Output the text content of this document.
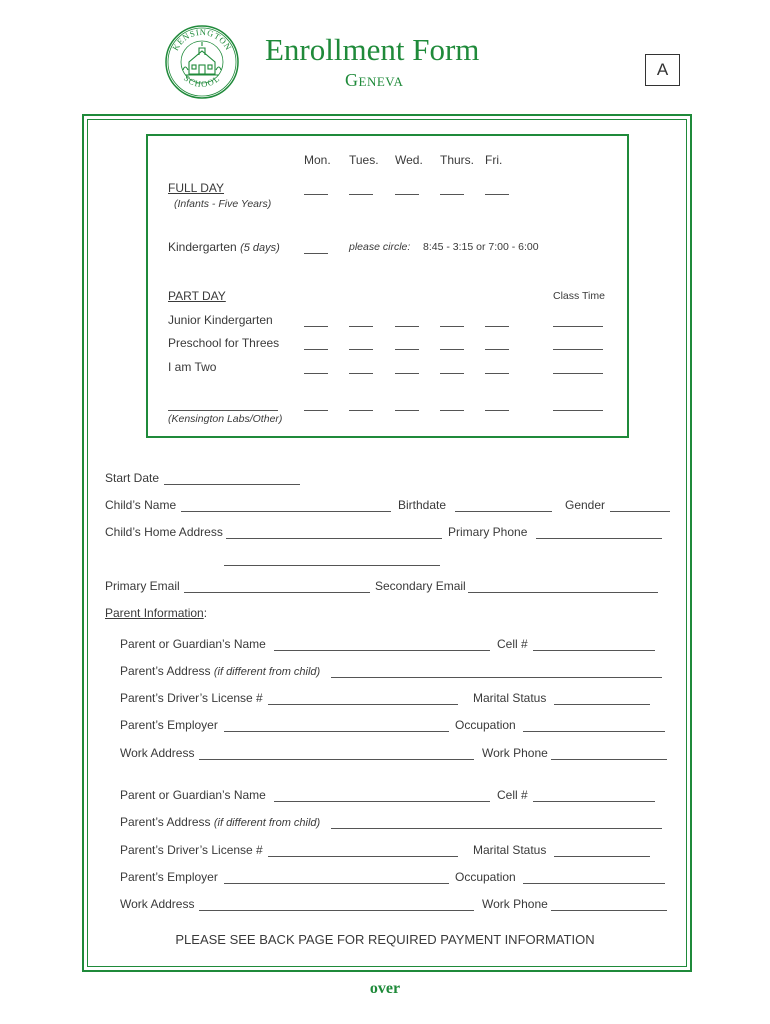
KENSINGTON
SCHOOL
Enrollment Form
Geneva
A
Mon. Tues. Wed. Thurs. Fri.
FULL DAY
(Infants - Five Years)
Kindergarten (5 days)	please circle: 8:45 - 3:15 or 7:00 - 6:00
PART DAY	Class Time
Junior Kindergarten
Preschool for Threes
I am Two
(Kensington Labs/Other)
Start Date
Child’s Name	Birthdate	Gender
Child’s Home Address	Primary Phone
Primary Email	Secondary Email
Parent Information:
Parent or Guardian’s Name	Cell #
Parent’s Address (if different from child)
Parent’s Driver’s License #	Marital Status
Parent’s Employer	Occupation
Work Address	Work Phone
Parent or Guardian’s Name	Cell #
Parent’s Address (if different from child)
Parent’s Driver’s License #	Marital Status
Parent’s Employer	Occupation
Work Address	Work Phone
PLEASE SEE BACK PAGE FOR REQUIRED PAYMENT INFORMATION
over
